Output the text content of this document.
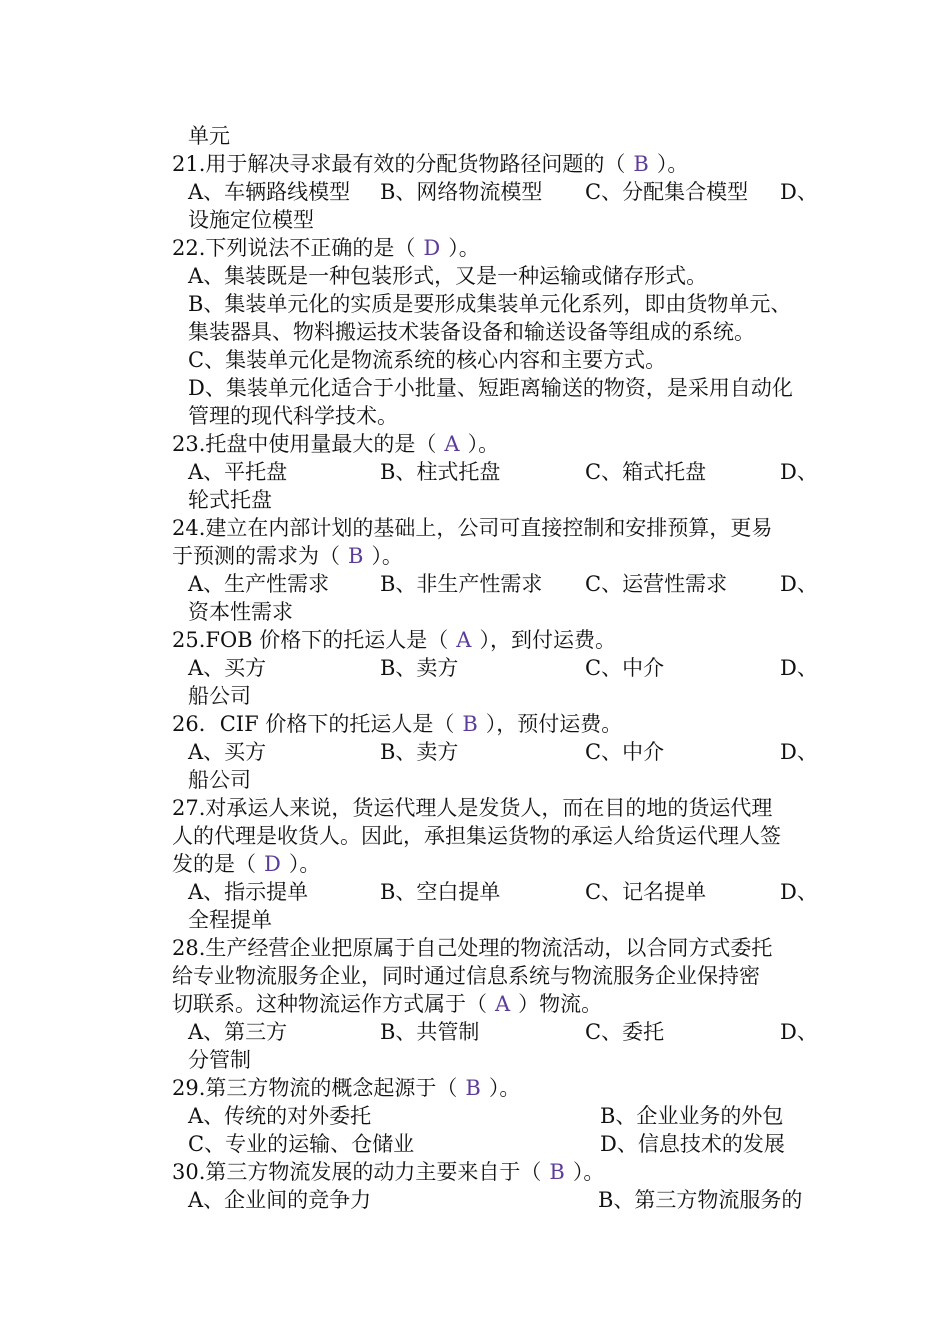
单元
21.用于解决寻求最有效的分配货物路径问题的（ B ）。
A、车辆路线模型 B、网络物流模型 C、分配集合模型 D、
设施定位模型
22.下列说法不正确的是（ D ）。
A、集装既是一种包装形式，又是一种运输或储存形式。
B、集装单元化的实质是要形成集装单元化系列，即由货物单元、
集装器具、物料搬运技术装备设备和输送设备等组成的系统。
C、集装单元化是物流系统的核心内容和主要方式。
D、集装单元化适合于小批量、短距离输送的物资，是采用自动化
管理的现代科学技术。
23.托盘中使用量最大的是（ A ）。
A、平托盘	B、柱式托盘	C、箱式托盘	D、
轮式托盘
24.建立在内部计划的基础上，公司可直接控制和安排预算，更易
于预测的需求为（ B ）。
A、生产性需求 B、非生产性需求 C、运营性需求	D、
资本性需求
25.FOB 价格下的托运人是（ A ），到付运费。
A、买方	B、卖方	C、中介	D、
船公司
26．CIF 价格下的托运人是（ B ），预付运费。
A、买方	B、卖方	C、中介	D、
船公司
27.对承运人来说，货运代理人是发货人，而在目的地的货运代理
人的代理是收货人。因此，承担集运货物的承运人给货运代理人签
发的是（ D ）。
A、指示提单	B、空白提单	C、记名提单	D、
全程提单
28.生产经营企业把原属于自己处理的物流活动，以合同方式委托
给专业物流服务企业，同时通过信息系统与物流服务企业保持密
切联系。这种物流运作方式属于（ A ）物流。
A、第三方	B、共管制	C、委托	D、
分管制
29.第三方物流的概念起源于（ B ）。
A、传统的对外委托	B、企业业务的外包
C、专业的运输、仓储业	D、信息技术的发展
30.第三方物流发展的动力主要来自于（ B ）。
A、企业间的竞争力	B、第三方物流服务的
